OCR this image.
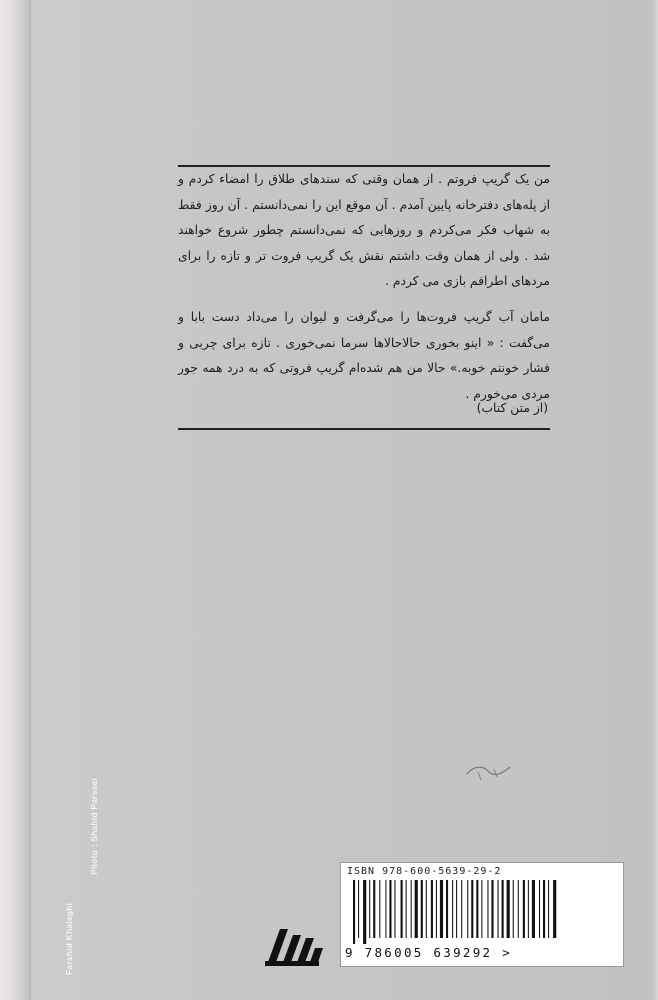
من یک گریپ فروتم . از همان وقتی که سندهای طلاق را امضاء کردم و از پله‌های دفترخانه پایین آمدم . آن موقع این را نمی‌دانستم . آن روز فقط به شهاب فکر می‌کردم و روزهایی که نمی‌دانستم چطور شروع خواهند شد . ولی از همان وقت داشتم نقش یک گریپ فروت تر و تازه را برای مردهای اطرافم بازی می کردم .

مامان آب گریپ فروت‌ها را می‌گرفت و لیوان را می‌داد دست بابا و می‌گفت : « اینو بخوری حالاحالاها سرما نمی‌خوری . تازه برای چربی و فشار خونتم خوبه.» حالا من هم شده‌ام گریپ فروتی که به درد همه جور مردی می‌خورم .

(از متن کتاب)
Farshid Khaleghi
Photo : Shahid Parsaei	ISBN 978-600-5639-29-2
9 786005 639292 >
